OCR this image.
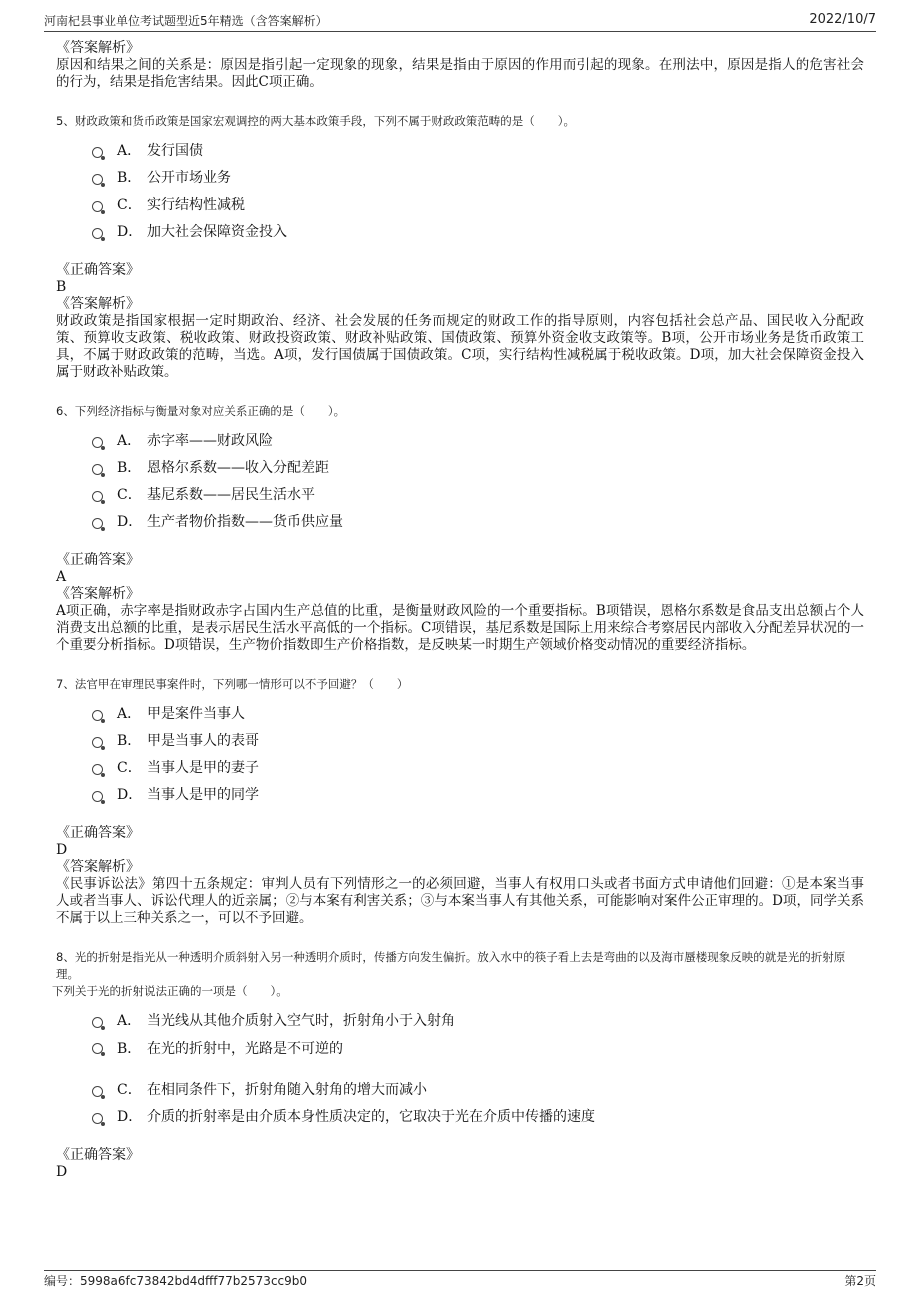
河南杞县事业单位考试题型近5年精选（含答案解析）	2022/10/7
《答案解析》
原因和结果之间的关系是：原因是指引起一定现象的现象，结果是指由于原因的作用而引起的现象。在刑法中，原因是指人的危害社会的行为，结果是指危害结果。因此C项正确。
5、财政政策和货币政策是国家宏观调控的两大基本政策手段，下列不属于财政政策范畴的是（　　）。
A． 发行国债
B． 公开市场业务
C． 实行结构性减税
D． 加大社会保障资金投入
《正确答案》
B
《答案解析》
财政政策是指国家根据一定时期政治、经济、社会发展的任务而规定的财政工作的指导原则，内容包括社会总产品、国民收入分配政策、预算收支政策、税收政策、财政投资政策、财政补贴政策、国债政策、预算外资金收支政策等。B项，公开市场业务是货币政策工具，不属于财政政策的范畴，当选。A项，发行国债属于国债政策。C项，实行结构性减税属于税收政策。D项，加大社会保障资金投入属于财政补贴政策。
6、下列经济指标与衡量对象对应关系正确的是（　　）。
A． 赤字率——财政风险
B． 恩格尔系数——收入分配差距
C． 基尼系数——居民生活水平
D． 生产者物价指数——货币供应量
《正确答案》
A
《答案解析》
A项正确，赤字率是指财政赤字占国内生产总值的比重，是衡量财政风险的一个重要指标。B项错误，恩格尔系数是食品支出总额占个人消费支出总额的比重，是表示居民生活水平高低的一个指标。C项错误，基尼系数是国际上用来综合考察居民内部收入分配差异状况的一个重要分析指标。D项错误，生产物价指数即生产价格指数，是反映某一时期生产领域价格变动情况的重要经济指标。
7、法官甲在审理民事案件时，下列哪一情形可以不予回避？（　　）
A． 甲是案件当事人
B． 甲是当事人的表哥
C． 当事人是甲的妻子
D． 当事人是甲的同学
《正确答案》
D
《答案解析》
《民事诉讼法》第四十五条规定：审判人员有下列情形之一的必须回避，当事人有权用口头或者书面方式申请他们回避：①是本案当事人或者当事人、诉讼代理人的近亲属；②与本案有利害关系；③与本案当事人有其他关系，可能影响对案件公正审理的。D项，同学关系不属于以上三种关系之一，可以不予回避。
8、光的折射是指光从一种透明介质斜射入另一种透明介质时，传播方向发生偏折。放入水中的筷子看上去是弯曲的以及海市蜃楼现象反映的就是光的折射原理。
下列关于光的折射说法正确的一项是（　　）。
A． 当光线从其他介质射入空气时，折射角小于入射角
B． 在光的折射中，光路是不可逆的
C． 在相同条件下，折射角随入射角的增大而减小
D． 介质的折射率是由介质本身性质决定的，它取决于光在介质中传播的速度
《正确答案》
D
编号：5998a6fc73842bd4dfff77b2573cc9b0	第2页
